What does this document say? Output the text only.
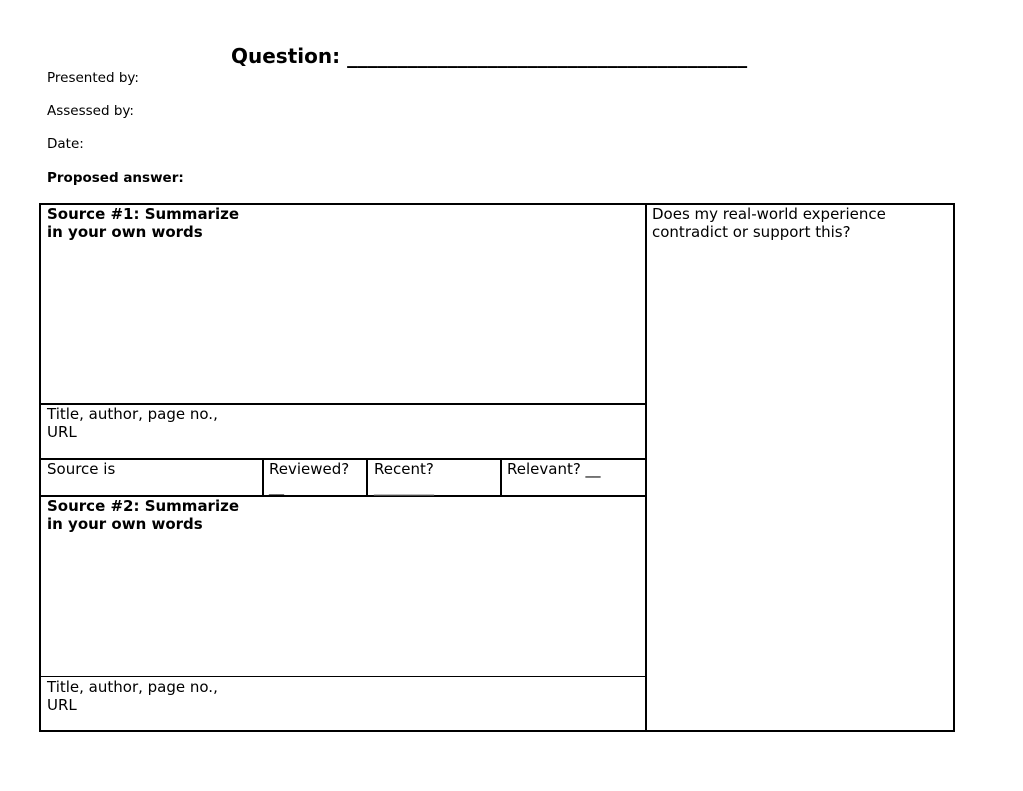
Question: ________________________________________
Presented by:
Assessed by:
Date:
Proposed answer:
Source #1: Summarize
in your own words
Title, author, page no.,
URL
Source is	Reviewed?
__
Recent?
________
Relevant? __
Source #2: Summarize
in your own words
Title, author, page no.,
URL
Does my real-world experience
contradict or support this?
